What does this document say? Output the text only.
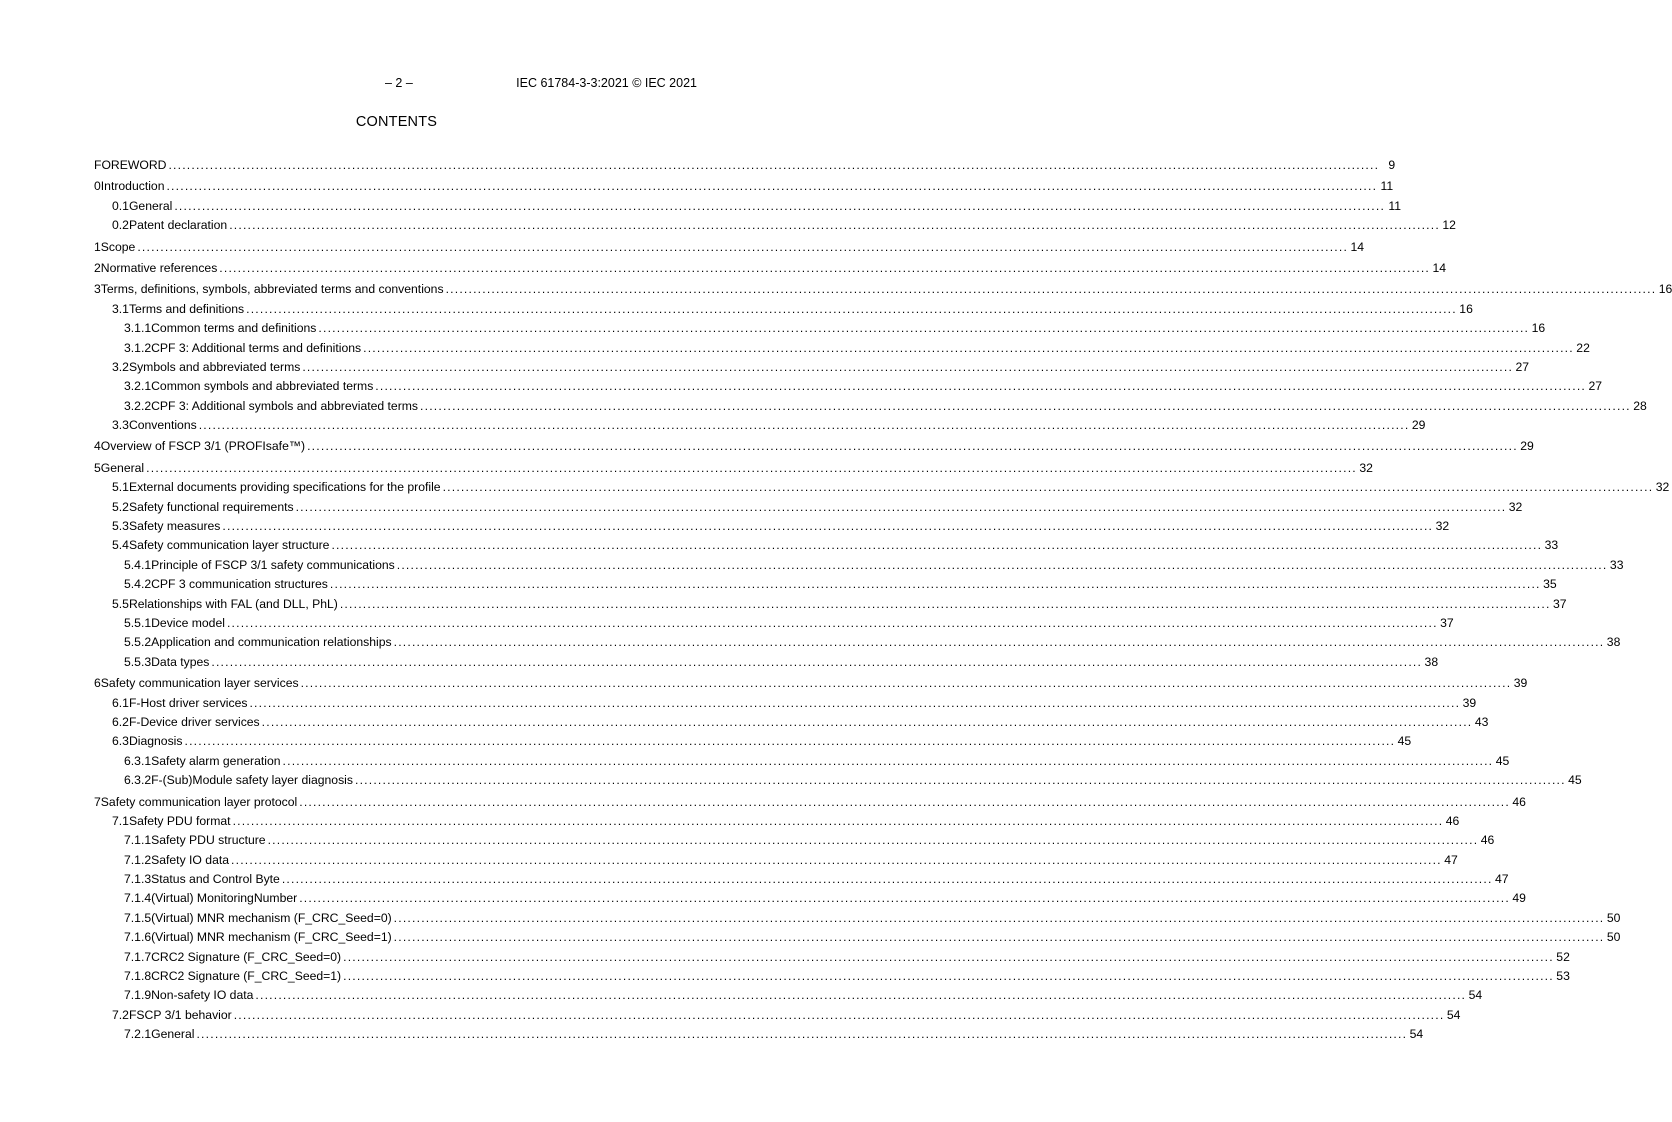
– 2 –	IEC 61784-3-3:2021 © IEC 2021
CONTENTS
FOREWORD .....	9
0 Introduction .....	11
0.1 General .....	11
0.2 Patent declaration .....	12
1 Scope .....	14
2 Normative references .....	14
3 Terms, definitions, symbols, abbreviated terms and conventions .....	16
3.1 Terms and definitions .....	16
3.1.1 Common terms and definitions .....	16
3.1.2 CPF 3: Additional terms and definitions .....	22
3.2 Symbols and abbreviated terms .....	27
3.2.1 Common symbols and abbreviated terms .....	27
3.2.2 CPF 3: Additional symbols and abbreviated terms .....	28
3.3 Conventions .....	29
4 Overview of FSCP 3/1 (PROFIsafe™) .....	29
5 General .....	32
5.1 External documents providing specifications for the profile .....	32
5.2 Safety functional requirements .....	32
5.3 Safety measures .....	32
5.4 Safety communication layer structure .....	33
5.4.1 Principle of FSCP 3/1 safety communications .....	33
5.4.2 CPF 3 communication structures .....	35
5.5 Relationships with FAL (and DLL, PhL) .....	37
5.5.1 Device model .....	37
5.5.2 Application and communication relationships .....	38
5.5.3 Data types .....	38
6 Safety communication layer services .....	39
6.1 F-Host driver services .....	39
6.2 F-Device driver services .....	43
6.3 Diagnosis .....	45
6.3.1 Safety alarm generation .....	45
6.3.2 F-(Sub)Module safety layer diagnosis .....	45
7 Safety communication layer protocol .....	46
7.1 Safety PDU format .....	46
7.1.1 Safety PDU structure .....	46
7.1.2 Safety IO data .....	47
7.1.3 Status and Control Byte .....	47
7.1.4 (Virtual) MonitoringNumber .....	49
7.1.5 (Virtual) MNR mechanism (F_CRC_Seed=0) .....	50
7.1.6 (Virtual) MNR mechanism (F_CRC_Seed=1) .....	50
7.1.7 CRC2 Signature (F_CRC_Seed=0) .....	52
7.1.8 CRC2 Signature (F_CRC_Seed=1) .....	53
7.1.9 Non-safety IO data .....	54
7.2 FSCP 3/1 behavior .....	54
7.2.1 General .....	54
